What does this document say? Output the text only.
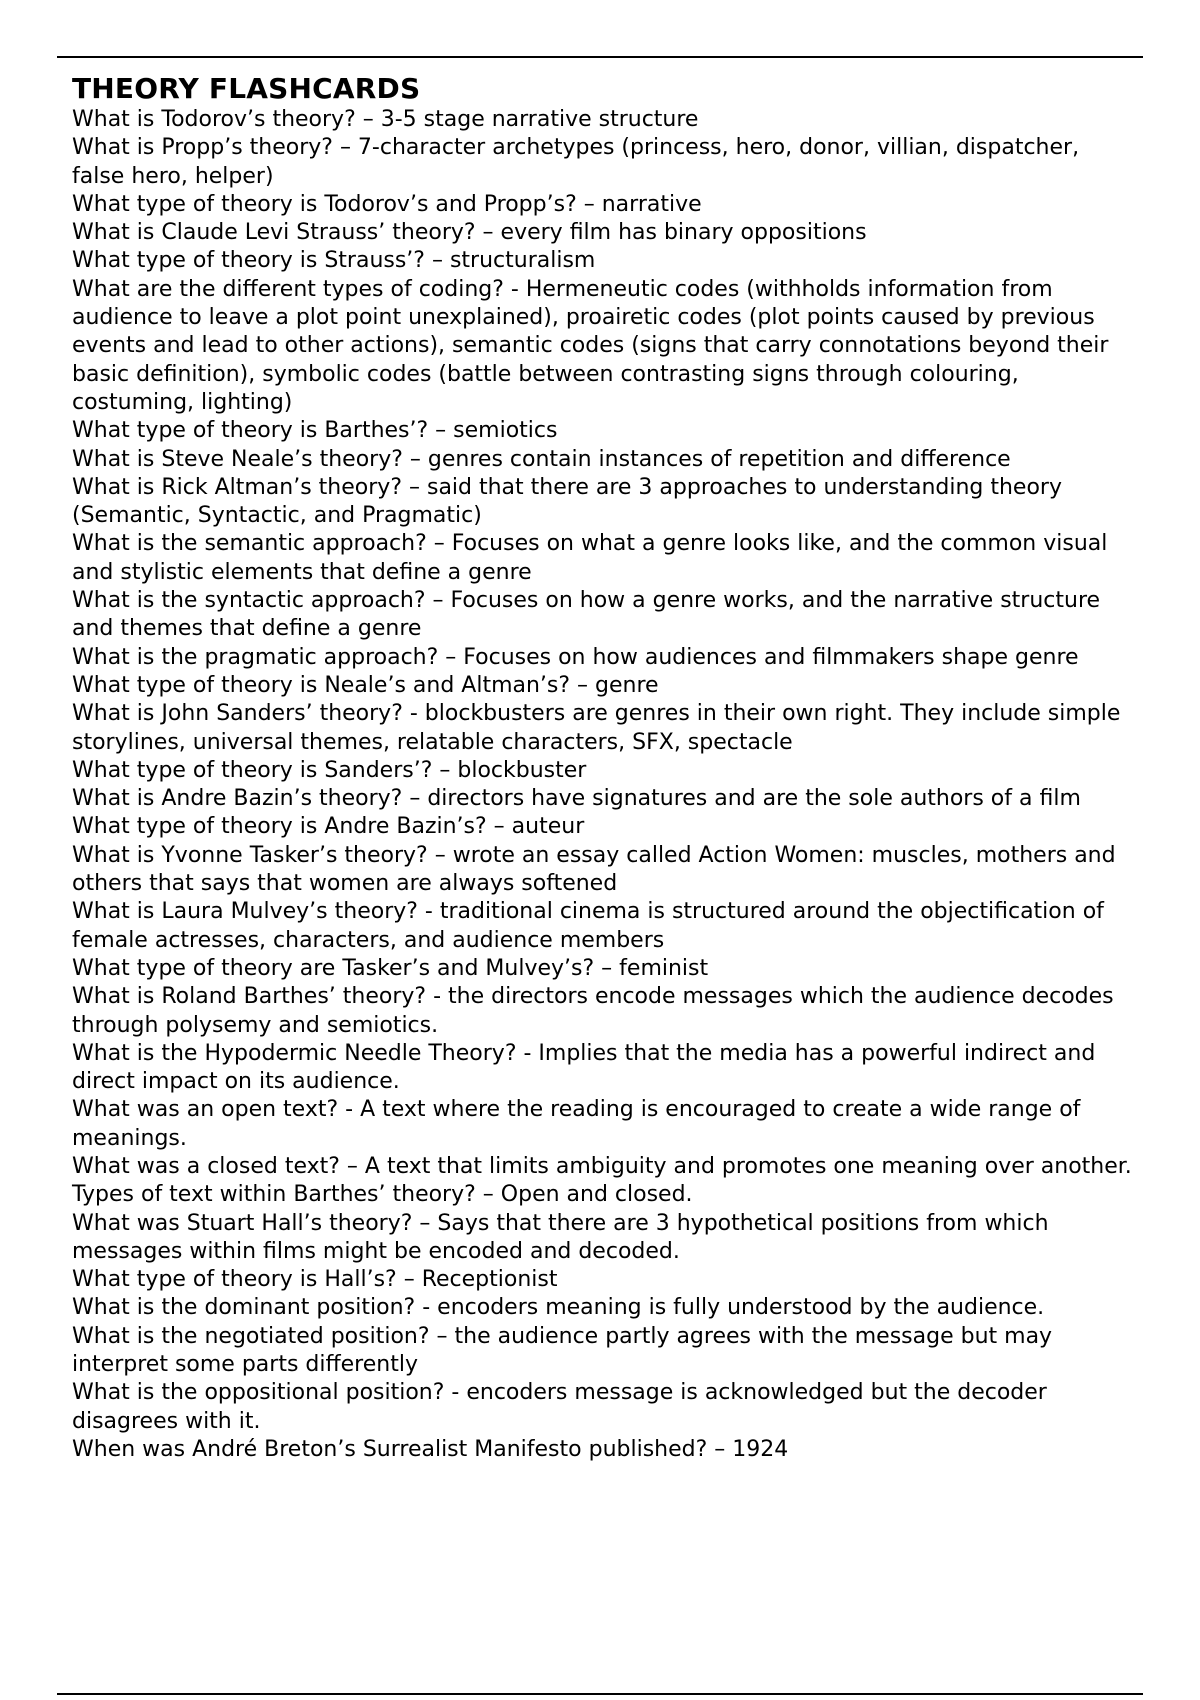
THEORY FLASHCARDS

What is Todorov’s theory? – 3-5 stage narrative structure

What is Propp’s theory? – 7-character archetypes (princess, hero, donor, villian, dispatcher, false hero, helper)

What type of theory is Todorov’s and Propp’s? – narrative

What is Claude Levi Strauss’ theory? – every film has binary oppositions

What type of theory is Strauss’? – structuralism

What are the different types of coding? - Hermeneutic codes (withholds information from audience to leave a plot point unexplained), proairetic codes (plot points caused by previous events and lead to other actions), semantic codes (signs that carry connotations beyond their basic definition), symbolic codes (battle between contrasting signs through colouring, costuming, lighting)

What type of theory is Barthes’? – semiotics

What is Steve Neale’s theory? – genres contain instances of repetition and difference

What is Rick Altman’s theory? – said that there are 3 approaches to understanding theory (Semantic, Syntactic, and Pragmatic)

What is the semantic approach? – Focuses on what a genre looks like, and the common visual and stylistic elements that define a genre

What is the syntactic approach? – Focuses on how a genre works, and the narrative structure and themes that define a genre

What is the pragmatic approach? – Focuses on how audiences and filmmakers shape genre

What type of theory is Neale’s and Altman’s? – genre

What is John Sanders’ theory? - blockbusters are genres in their own right. They include simple storylines, universal themes, relatable characters, SFX, spectacle

What type of theory is Sanders’? – blockbuster

What is Andre Bazin’s theory? – directors have signatures and are the sole authors of a film

What type of theory is Andre Bazin’s? – auteur

What is Yvonne Tasker’s theory? – wrote an essay called Action Women: muscles, mothers and others that says that women are always softened

What is Laura Mulvey’s theory? - traditional cinema is structured around the objectification of female actresses, characters, and audience members

What type of theory are Tasker’s and Mulvey’s? – feminist

What is Roland Barthes’ theory? - the directors encode messages which the audience decodes through polysemy and semiotics.

What is the Hypodermic Needle Theory? - Implies that the media has a powerful indirect and direct impact on its audience.

What was an open text? - A text where the reading is encouraged to create a wide range of meanings.

What was a closed text? – A text that limits ambiguity and promotes one meaning over another.

Types of text within Barthes’ theory? – Open and closed.

What was Stuart Hall’s theory? – Says that there are 3 hypothetical positions from which messages within films might be encoded and decoded.

What type of theory is Hall’s? – Receptionist

What is the dominant position? - encoders meaning is fully understood by the audience.

What is the negotiated position? – the audience partly agrees with the message but may interpret some parts differently

What is the oppositional position? - encoders message is acknowledged but the decoder disagrees with it.

When was André Breton’s Surrealist Manifesto published? – 1924
